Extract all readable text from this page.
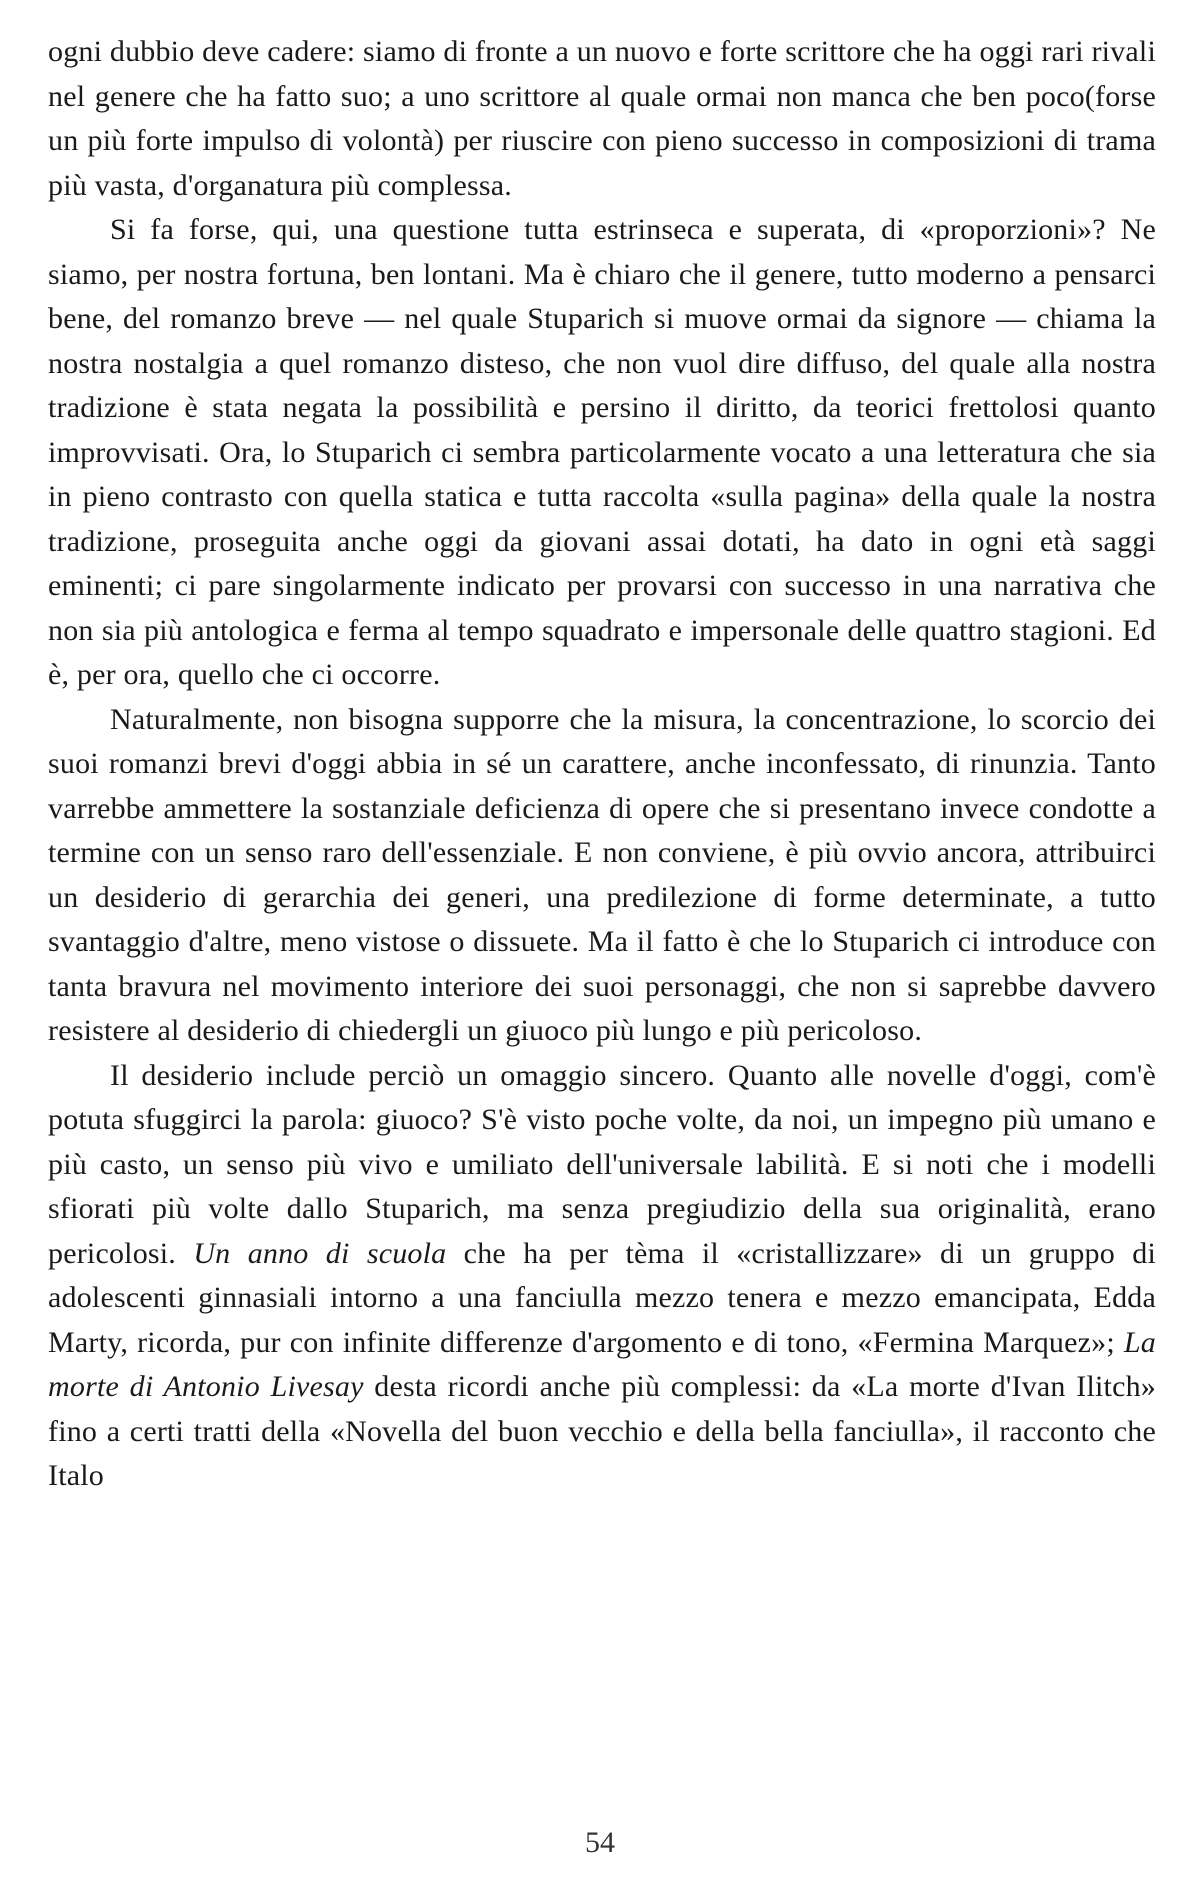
ogni dubbio deve cadere: siamo di fronte a un nuovo e forte scrittore che ha oggi rari rivali nel genere che ha fatto suo; a uno scrittore al quale ormai non manca che ben poco(forse un più forte impulso di volontà) per riuscire con pieno successo in composizioni di trama più vasta, d'organatura più complessa.

Si fa forse, qui, una questione tutta estrinseca e superata, di «proporzioni»? Ne siamo, per nostra fortuna, ben lontani. Ma è chiaro che il genere, tutto moderno a pensarci bene, del romanzo breve — nel quale Stuparich si muove ormai da signore — chiama la nostra nostalgia a quel romanzo disteso, che non vuol dire diffuso, del quale alla nostra tradizione è stata negata la possibilità e persino il diritto, da teorici frettolosi quanto improvvisati. Ora, lo Stuparich ci sembra particolarmente vocato a una letteratura che sia in pieno contrasto con quella statica e tutta raccolta «sulla pagina» della quale la nostra tradizione, proseguita anche oggi da giovani assai dotati, ha dato in ogni età saggi eminenti; ci pare singolarmente indicato per provarsi con successo in una narrativa che non sia più antologica e ferma al tempo squadrato e impersonale delle quattro stagioni. Ed è, per ora, quello che ci occorre.

Naturalmente, non bisogna supporre che la misura, la concentrazione, lo scorcio dei suoi romanzi brevi d'oggi abbia in sé un carattere, anche inconfessato, di rinunzia. Tanto varrebbe ammettere la sostanziale deficienza di opere che si presentano invece condotte a termine con un senso raro dell'essenziale. E non conviene, è più ovvio ancora, attribuirci un desiderio di gerarchia dei generi, una predilezione di forme determinate, a tutto svantaggio d'altre, meno vistose o dissuete. Ma il fatto è che lo Stuparich ci introduce con tanta bravura nel movimento interiore dei suoi personaggi, che non si saprebbe davvero resistere al desiderio di chiedergli un giuoco più lungo e più pericoloso.

Il desiderio include perciò un omaggio sincero. Quanto alle novelle d'oggi, com'è potuta sfuggirci la parola: giuoco? S'è visto poche volte, da noi, un impegno più umano e più casto, un senso più vivo e umiliato dell'universale labilità. E si noti che i modelli sfiorati più volte dallo Stuparich, ma senza pregiudizio della sua originalità, erano pericolosi. Un anno di scuola che ha per tèma il «cristallizzare» di un gruppo di adolescenti ginnasiali intorno a una fanciulla mezzo tenera e mezzo emancipata, Edda Marty, ricorda, pur con infinite differenze d'argomento e di tono, «Fermina Marquez»; La morte di Antonio Livesay desta ricordi anche più complessi: da «La morte d'Ivan Ilitch» fino a certi tratti della «Novella del buon vecchio e della bella fanciulla», il racconto che Italo

54
